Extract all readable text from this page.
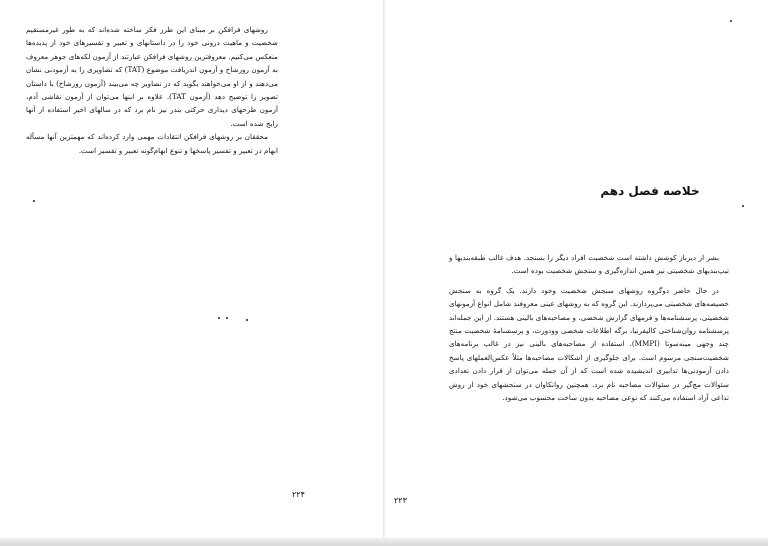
روشهای فرافکن بر مبنای این طرز فکر ساخته شده‌اند که به طور غیرمستقیم شخصیت و ماهیت درونی خود را در داستانهای و تعبیر و تفسیرهای خود از پدیده‌ها منعکس می‌کنیم. معروفترین روشهای فرافکن عبارتند از آزمون لکه‌های جوهر معروف به آزمون رورشاخ و آزمون اندریافت موضوع (TAT) که تصاویری را به آزمودنی نشان می‌دهند و از او می‌خواهند بگوید که در تصاویر چه می‌بیند (آزمون رورشاخ) یا داستان تصویر را توضیح دهد (آزمون TAT). علاوه بر اینها می‌توان از آزمون نقاشی آدم، آزمون طرحهای دیداری حرکتی بندر نیز نام برد که در سالهای اخیر استفاده از آنها رایج شده است.

محققان بر روشهای فرافکن انتقادات مهمی وارد کرده‌اند که مهمترین آنها مسأله ابهام در تعبیر و تفسیر پاسخها و تنوع ابهام‌گونه تعبیر و تفسیر است.

۲۲۴
خلاصه فصل دهم

بشر از دیرباز کوشش داشته است شخصیت افراد دیگر را بسنجد. هدف غالب طبقه‌بندیها و تیپ‌بندیهای شخصیتی نیز همین اندازه‌گیری و سنجش شخصیت بوده است.

در حال حاضر دوگروه روشهای سنجش شخصیت وجود دارند. یک گروه به سنجش خصیصه‌های شخصیتی می‌پردازند. این گروه که به روشهای عینی معروفند شامل انواع آزمونهای شخصیتی، پرسشنامه‌ها و فرمهای گزارش شخصی، و مصاحبه‌های بالینی هستند. از این جمله‌اند پرسشنامه روان‌شناختی کالیفرنیا، برگه اطلاعات شخصی وودورث، و پرسشنامهٔ شخصیت منتج چند وجهی مینه‌سوتا (MMPI). استفاده از مصاحبه‌های بالینی نیز در غالب برنامه‌های شخصیت‌سنجی مرسوم است. برای جلوگیری از اشکالات مصاحبه‌ها مثلاً عکس‌العملهای پاسخ دادن آزمودنی‌ها تدابیری اندیشیده شده است که از آن جمله می‌توان از قرار دادن تعدادی سئوالات مچ‌گیر در سئوالات مصاحبه نام برد. همچنین روانکاوان در سنجشهای خود از روش تداعی آزاد استفاده می‌کنند که نوعی مصاحبه بدون ساخت محسوب می‌شود.

۲۲۳
